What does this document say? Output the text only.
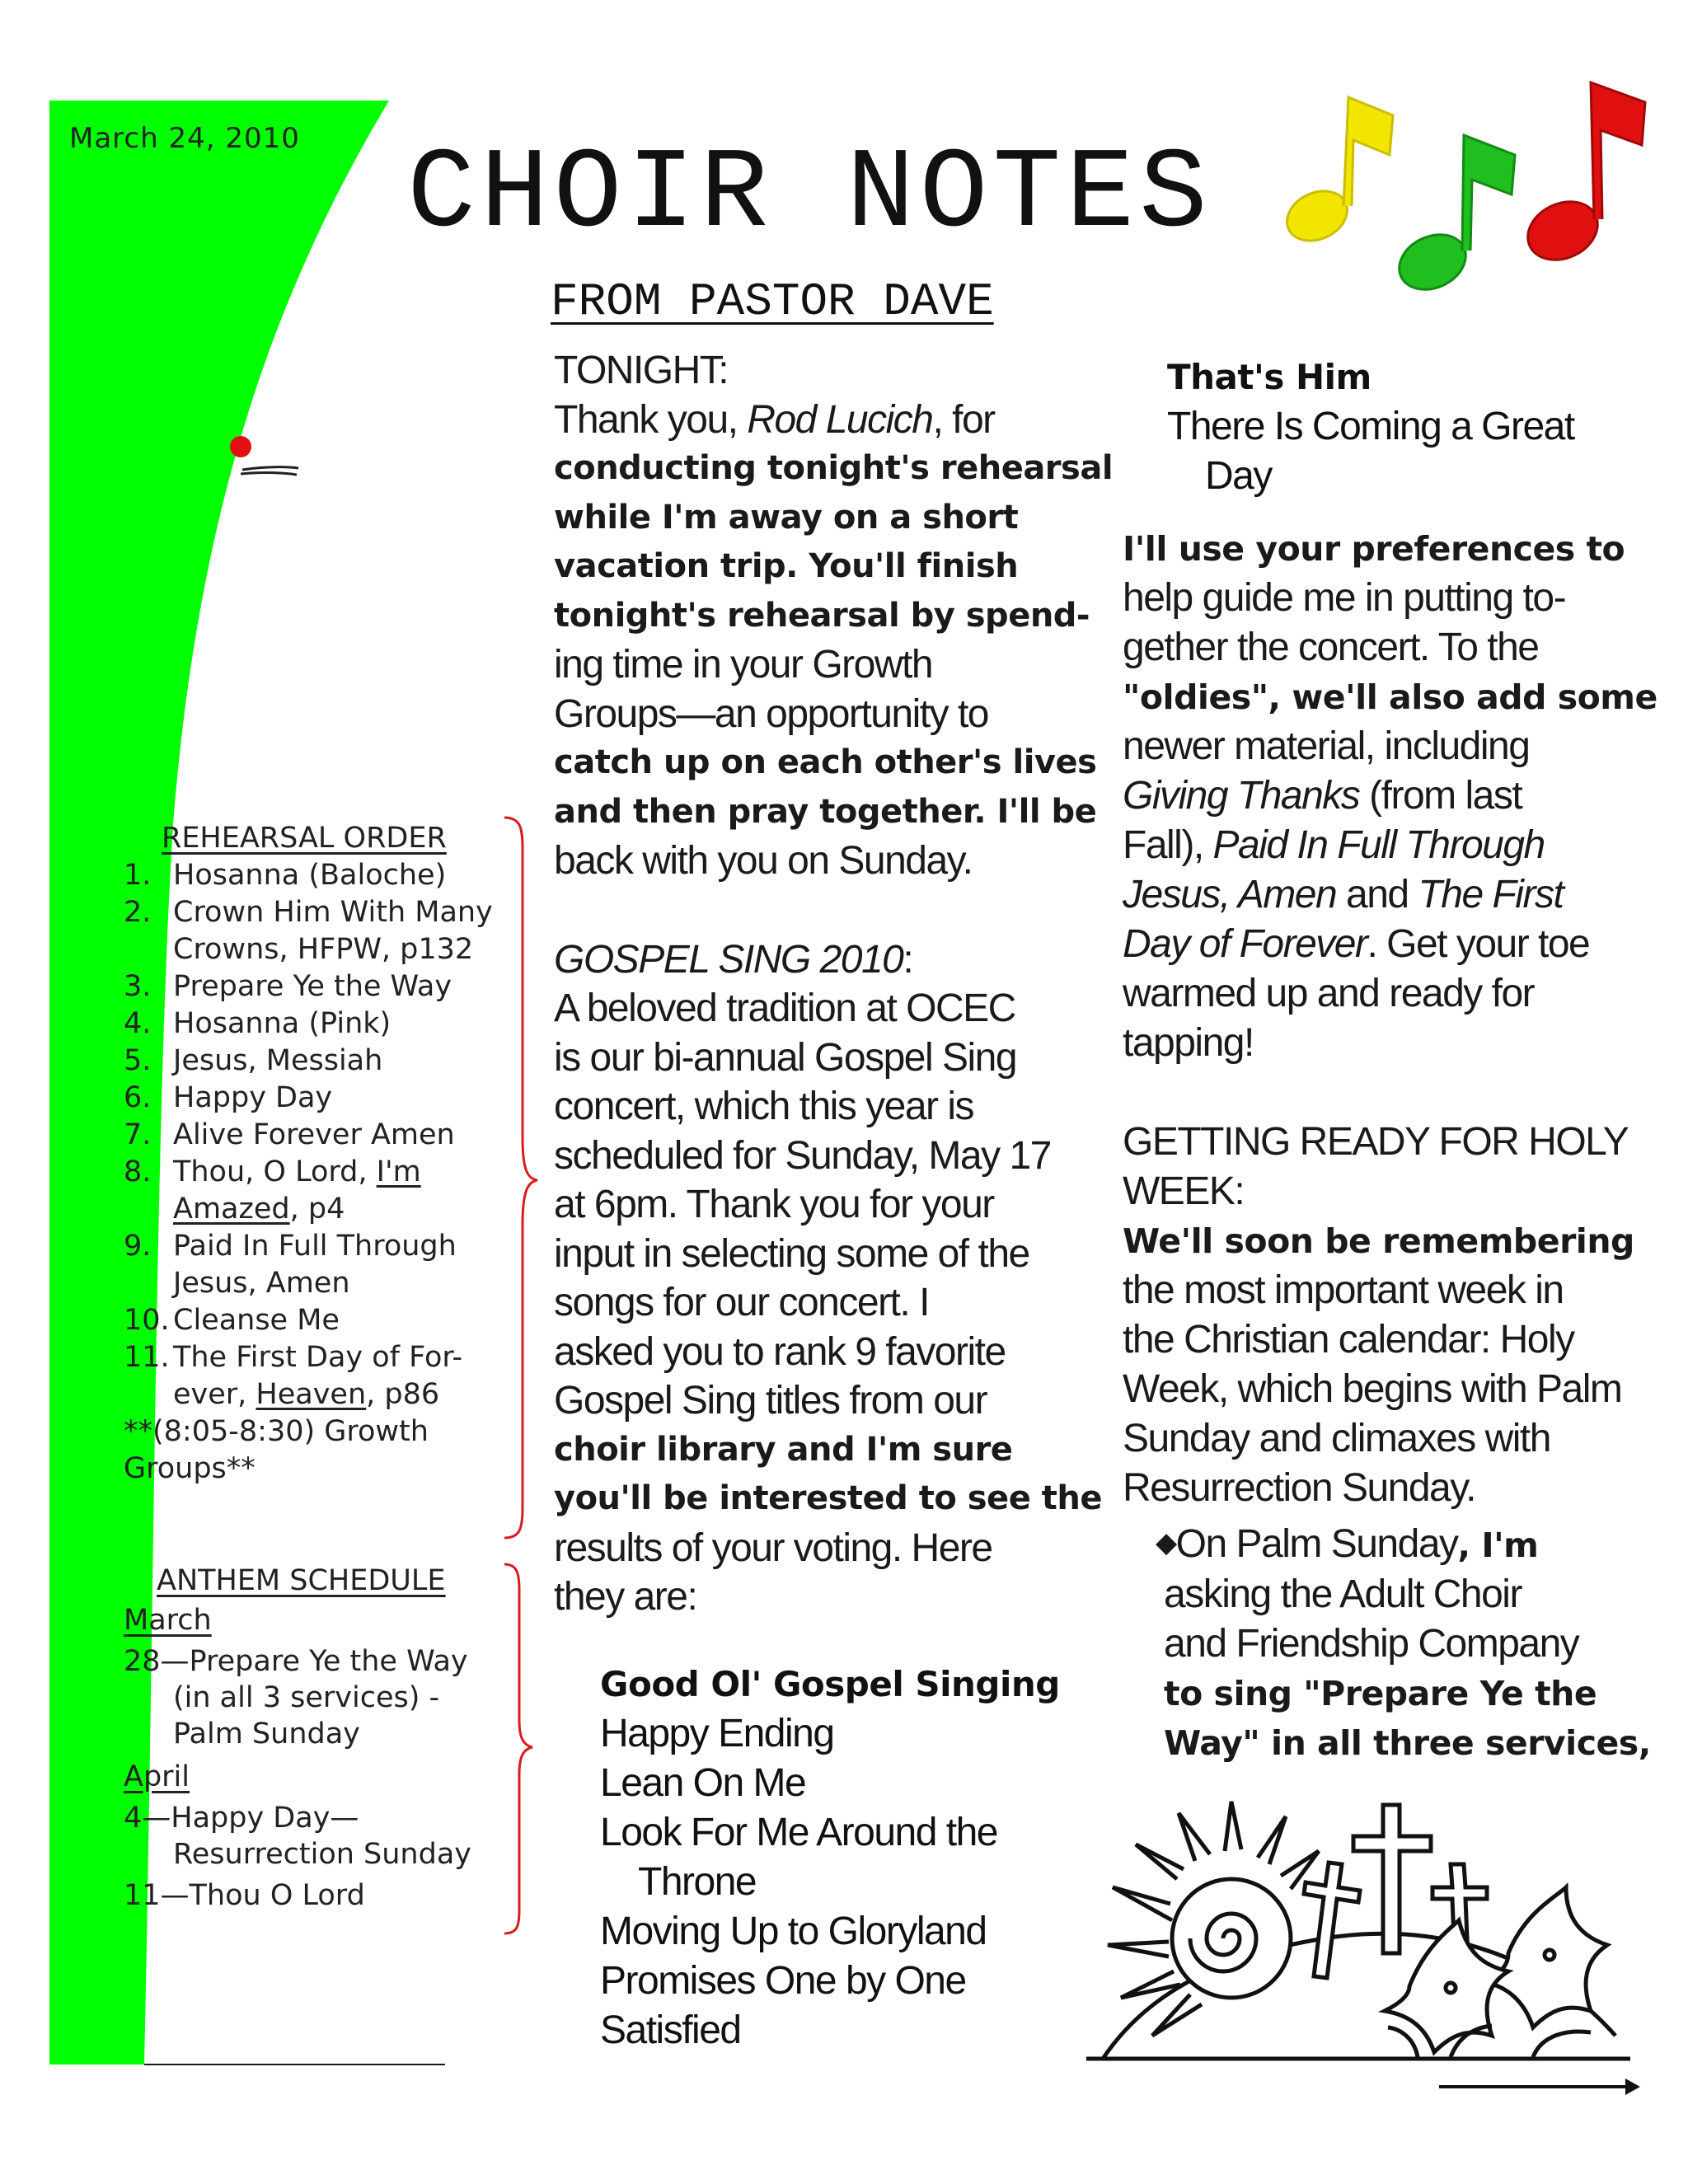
March 24, 2010 CHOIR NOTES
FROM PASTOR DAVE
REHEARSAL ORDER
1. Hosanna (Baloche)
2. Crown Him With Many Crowns, HFPW, p132
3. Prepare Ye the Way
4. Hosanna (Pink)
5. Jesus, Messiah
6. Happy Day
7. Alive Forever Amen
8. Thou, O Lord, I'm Amazed, p4
9. Paid In Full Through Jesus, Amen
10. Cleanse Me
11. The First Day of For-ever, Heaven, p86
**(8:05-8:30) Growth Groups**
ANTHEM SCHEDULE
March
28—Prepare Ye the Way (in all 3 services) - Palm Sunday
April
4—Happy Day—Resurrection Sunday
11—Thou O Lord
TONIGHT:
Thank you, Rod Lucich, for
conducting tonight's rehearsal
while I'm away on a short
vacation trip. You'll finish
tonight's rehearsal by spend-
ing time in your Growth
Groups—an opportunity to
catch up on each other's lives
and then pray together. I'll be
back with you on Sunday.
GOSPEL SING 2010:
A beloved tradition at OCEC
is our bi-annual Gospel Sing
concert, which this year is
scheduled for Sunday, May 17
at 6pm. Thank you for your
input in selecting some of the
songs for our concert. I
asked you to rank 9 favorite
Gospel Sing titles from our
choir library and I'm sure
you'll be interested to see the
results of your voting. Here
they are:
Good Ol' Gospel Singing
Happy Ending
Lean On Me
Look For Me Around the
Throne
Moving Up to Gloryland
Promises One by One
Satisfied
That's Him
There Is Coming a Great
Day
I'll use your preferences to
help guide me in putting to-
gether the concert. To the
"oldies", we'll also add some
newer material, including
Giving Thanks (from last
Fall), Paid In Full Through
Jesus, Amen and The First
Day of Forever. Get your toe
warmed up and ready for
tapping!
GETTING READY FOR HOLY
WEEK:
We'll soon be remembering
the most important week in
the Christian calendar: Holy
Week, which begins with Palm
Sunday and climaxes with
Resurrection Sunday.
◆On Palm Sunday, I'm
asking the Adult Choir
and Friendship Company
to sing "Prepare Ye the
Way" in all three services,
